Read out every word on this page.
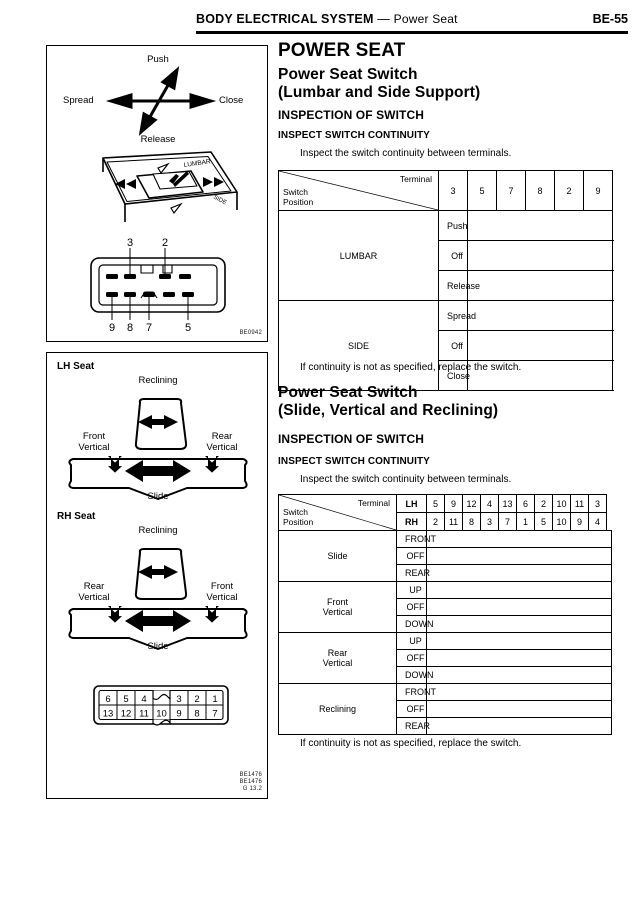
BODY ELECTRICAL SYSTEM — Power Seat	BE-55
Push
Release
Spread	Close
LUMBAR
SIDE
3	2
9 8 7	5	BE0942
LH Seat
Reclining
Front
Vertical
Rear
Vertical
Slide
RH Seat
Reclining
Rear
Vertical
Front
Vertical
Slide
6 5 4	3 2 1
13 12 11 10 9 8 7
BE1476
BE1476
G 13.2
POWER SEAT
Power Seat Switch
(Lumbar and Side Support)
INSPECTION OF SWITCH
INSPECT SWITCH CONTINUITY
Inspect the switch continuity between terminals.
Terminal
Switch
Position	3	5	7	8	2	9
LUMBAR	Push	

	Off	

	Release	

SIDE	Spread	

	Off	

	Close	
If continuity is not as specified, replace the switch.
Power Seat Switch
(Slide, Vertical and Reclining)
INSPECTION OF SWITCH
INSPECT SWITCH CONTINUITY
Inspect the switch continuity between terminals.
Terminal
Switch
Position	LH	5	9	12	4	13	6	2	10	11	3
	RH	2	11	8	3	7	1	5	10	9	4
Slide	FRONT	

	OFF	

	REAR	

Front
Vertical	UP	

	OFF	

	DOWN	

Rear
Vertical	UP	

	OFF	

	DOWN	

Reclining	FRONT	

	OFF	

	REAR	
If continuity is not as specified, replace the switch.
